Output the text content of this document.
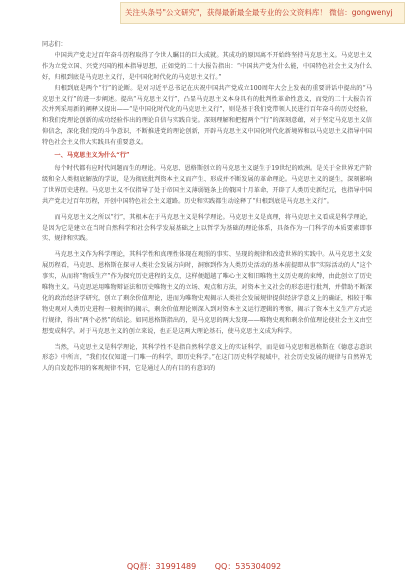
关注头条号"公文研究"，获得最新最全最专业的公文资料库！ 微信：gongwenyj

同志们：

中国共产党走过百年奋斗历程取得了令世人瞩目的巨大成就。其成功的原因离不开始终坚持马克思主义。马克思主义作为立党立国、兴党兴国的根本指导思想，正如党的二十大报告指出：“中国共产党为什么能，中国特色社会主义为什么好，归根到底是马克思主义行，是中国化时代化的马克思主义行。”

归根到底是两个“行”的论断。是对习近平总书记在庆祝中国共产党成立100周年大会上发表的重要讲话中提出的“马克思主义行”的进一步阐述。提出“马克思主义行”，凸显马克思主义本身具有的批判性革命性意义，而党的二十大报告首次并列采用新的阐释又提出——“是中国化时代化的马克思主义行”，则是基于我们党带领人民进行百年奋斗的历史经验，和我们党理论创新的成功经验作出的理论自信与实践自觉。深刻理解和把握两个“行”的深刻意蕴，对于坚定马克思主义信仰信念，深化我们党的斗争意识，不断推进党的理论创新，开辟马克思主义中国化时代化新境界和以马克思主义指导中国特色社会主义伟大实践具有重要意义。

一、马克思主义为什么“行”

每个时代都有应时代问题而生的理论。马克思、恩格斯创立的马克思主义诞生于19世纪的欧洲。是关于全世界无产阶级和全人类彻底解放的学说，是为彻底批判资本主义而产生、形成并不断发展的革命理论。马克思主义的诞生，深刻影响了世界历史进程。马克思主义不仅指导了处于帝国主义薄弱链条上的俄国十月革命，开辟了人类历史新纪元，也指导中国共产党走过百年历程，开创中国特色社会主义道路。历史和实践都生动诠释了“归根到底是马克思主义行”。

而马克思主义之所以“行”，其根本在于马克思主义是科学理论。马克思主义是真理，将马克思主义看成是科学理论，是因为它是建立在当时自然科学和社会科学发展基础之上以哲学为基础的理论体系，具备作为一门科学的本质要素即事实、规律和实践。

马克思主义作为科学理论，其科学性和真理性体现在观照的事实、呈现的规律和改造世界的实践中。从马克思主义发展历程看，马克思、恩格斯在探寻人类社会发展方向时，洞察到作为人类历史活动的基本前提即从事“实际活动的人”这个事实，从而将“物质生产”作为探究历史进程的支点，这样便超越了唯心主义和旧唯物主义历史观的束缚，由此创立了历史唯物主义。马克思运用唯物辩证法和历史唯物主义的立场、观点和方法，对资本主义社会的形态进行批判，并借助不断深化的政治经济学研究，创立了剩余价值理论，进而为唯物史观揭示人类社会发展规律提供经济学意义上的确证，相较于唯物史观对人类历史进程一般规律的揭示，剩余价值理论则深入到对资本主义运行逻辑的考察，揭示了资本主义生产方式运行规律，得出“两个必然”的结论。如同恩格斯指出的，是马克思的两大发现——唯物史观和剩余价值理论使社会主义由空想变成科学。对于马克思主义的创立来说，也正是这两大理论基石，使马克思主义成为科学。

当然，马克思主义是科学理论，其科学性不是指自然科学意义上的实证科学，而是如马克思和恩格斯在《德意志意识形态》中所言，“我们仅仅知道一门唯一的科学，即历史科学。”在这门历史科学视域中，社会历史发展的规律与自然界无人的自发起作用的客观规律不同，它是通过人的有目的有意识的

QQ群：31991489 QQ：535304092
